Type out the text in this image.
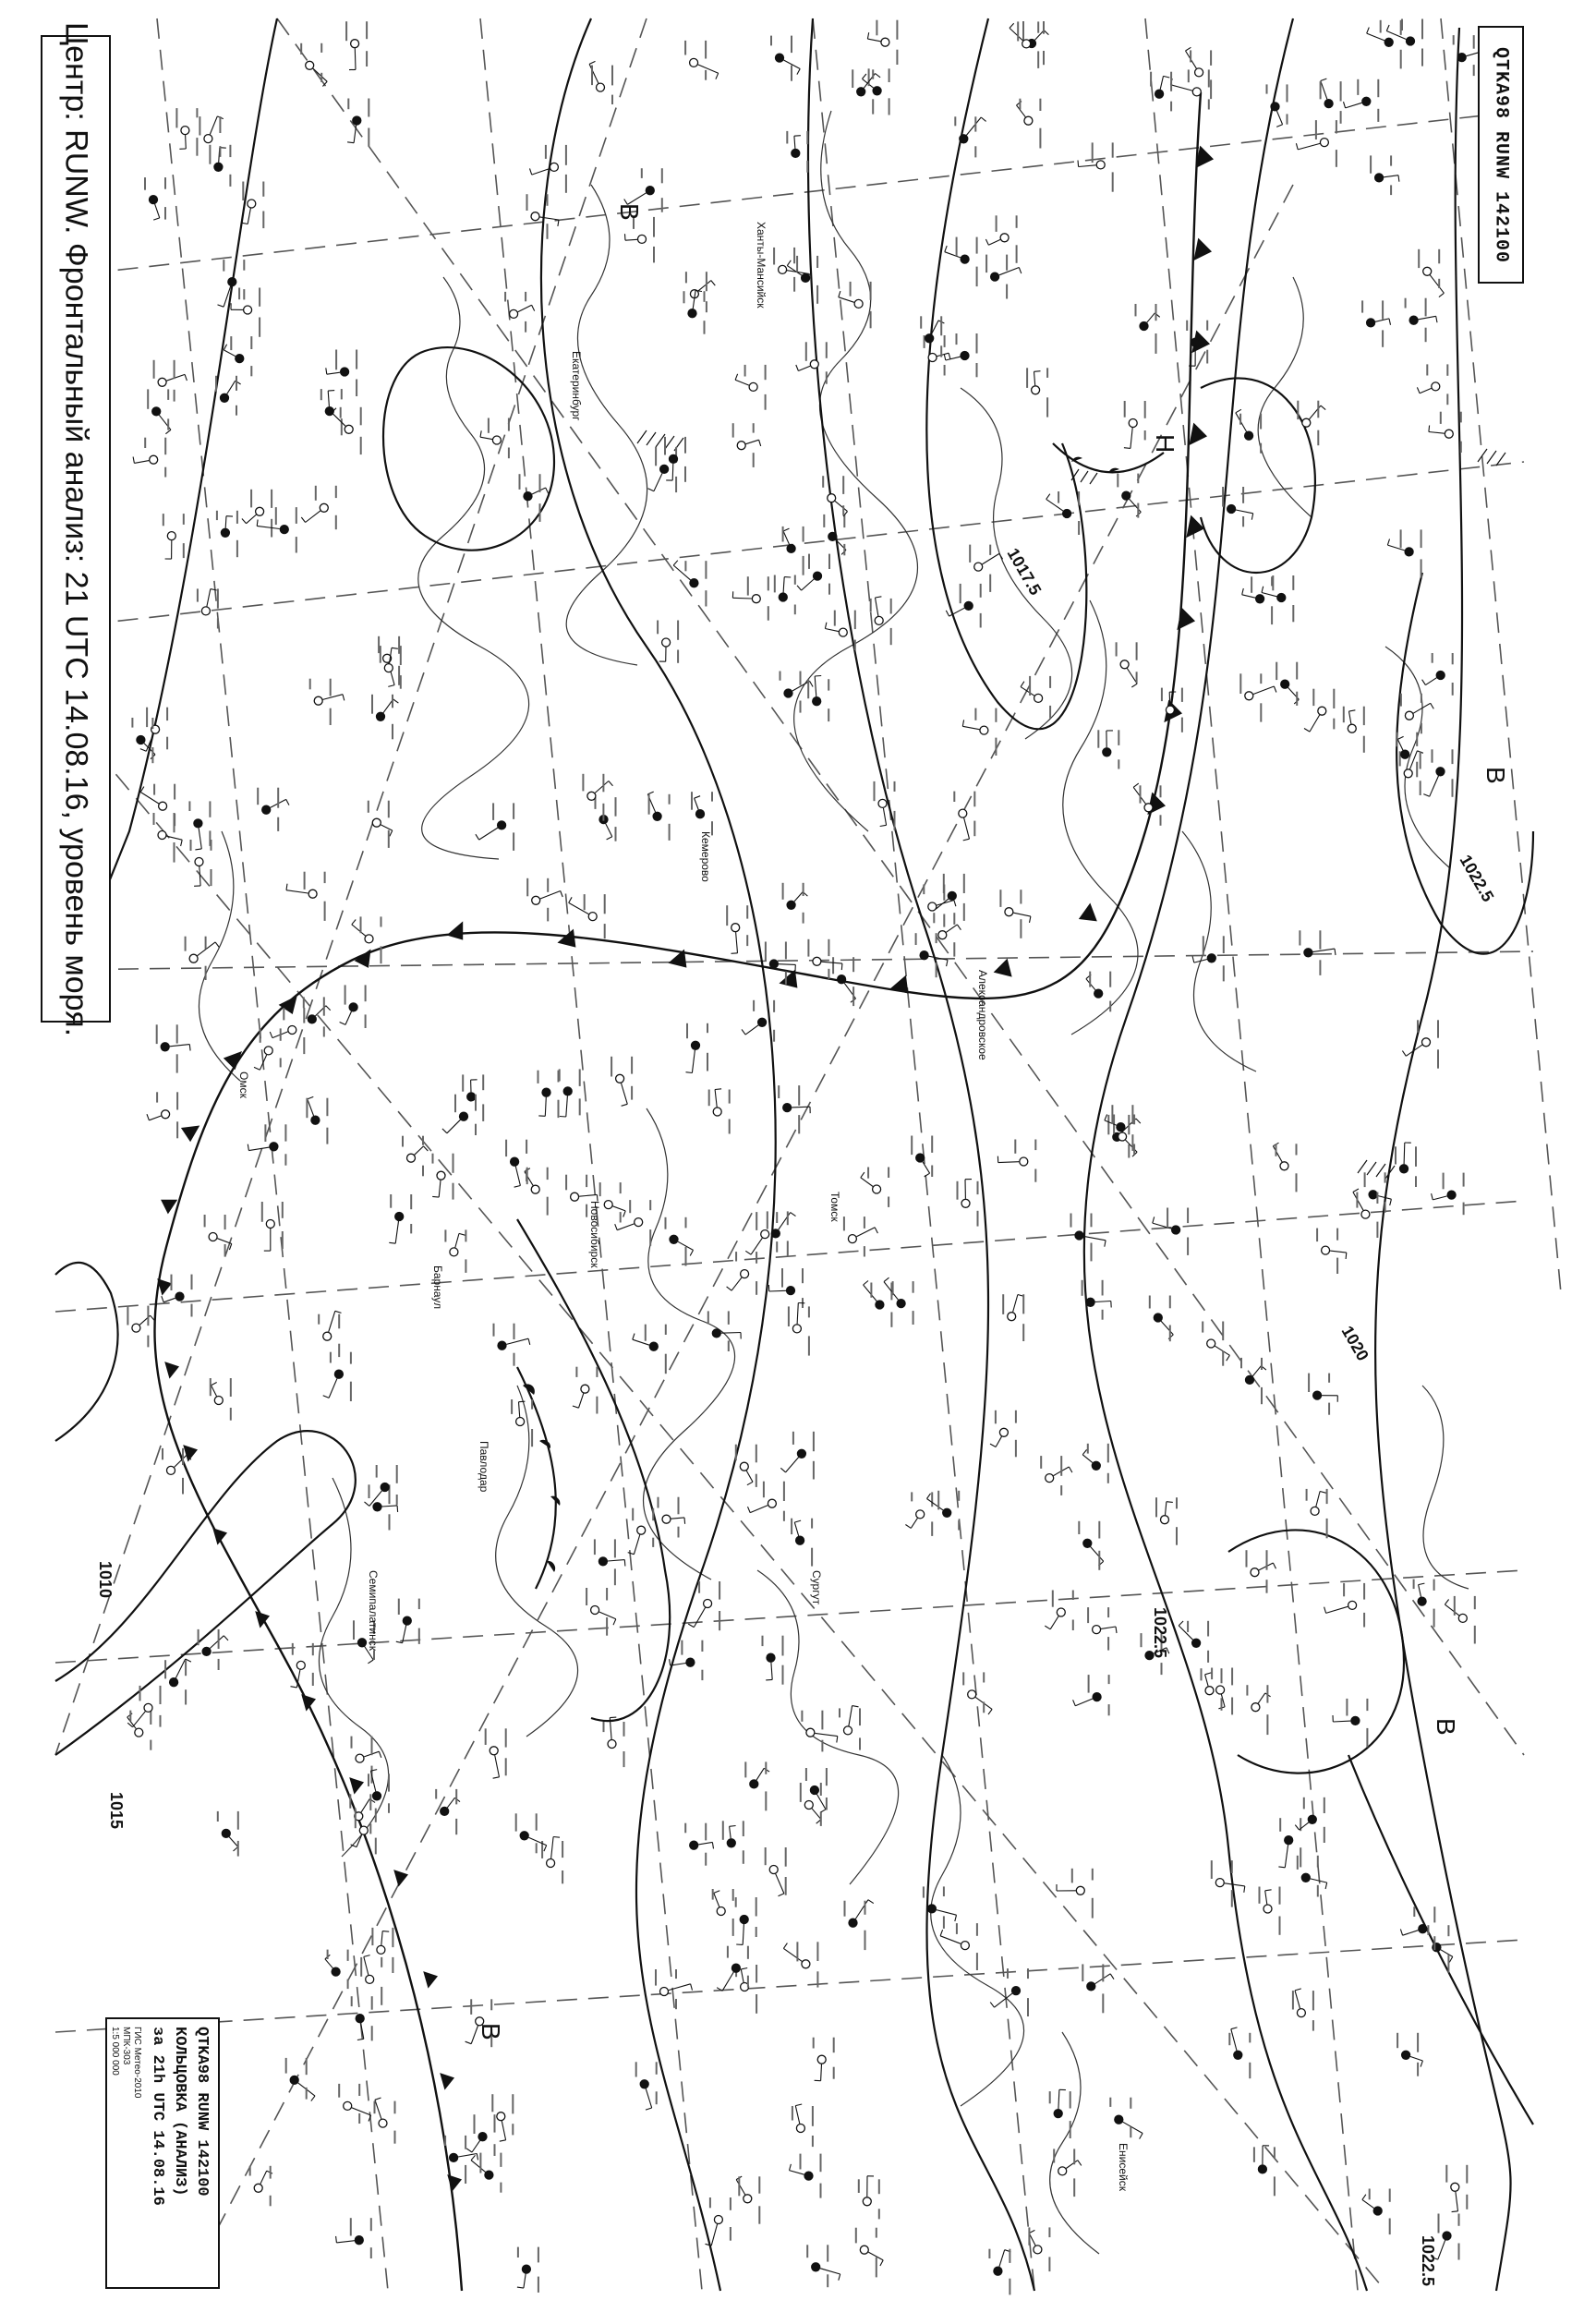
1010
1015
1017.5
1020
1022.5
1022.5
1022.5
В
В
В
В
Н
Барнаул
Новосибирск
Кемерово
Томск
Омск
Екатеринбург
Павлодар
Семипалатинск
Александровское
Ханты-Мансийск
Сургут
Енисейск
QTKA98 RUNW 142100
Центр: RUNW. Фронтальный анализ: 21 UTC 14.08.16, уровень моря.
QTKA98 RUNW 142100
КОЛЬЦОВКА (АНАЛИЗ)
за 21h UTC 14.08.16
ГИС Метео-2010
МПК-303
1:5 000 000
